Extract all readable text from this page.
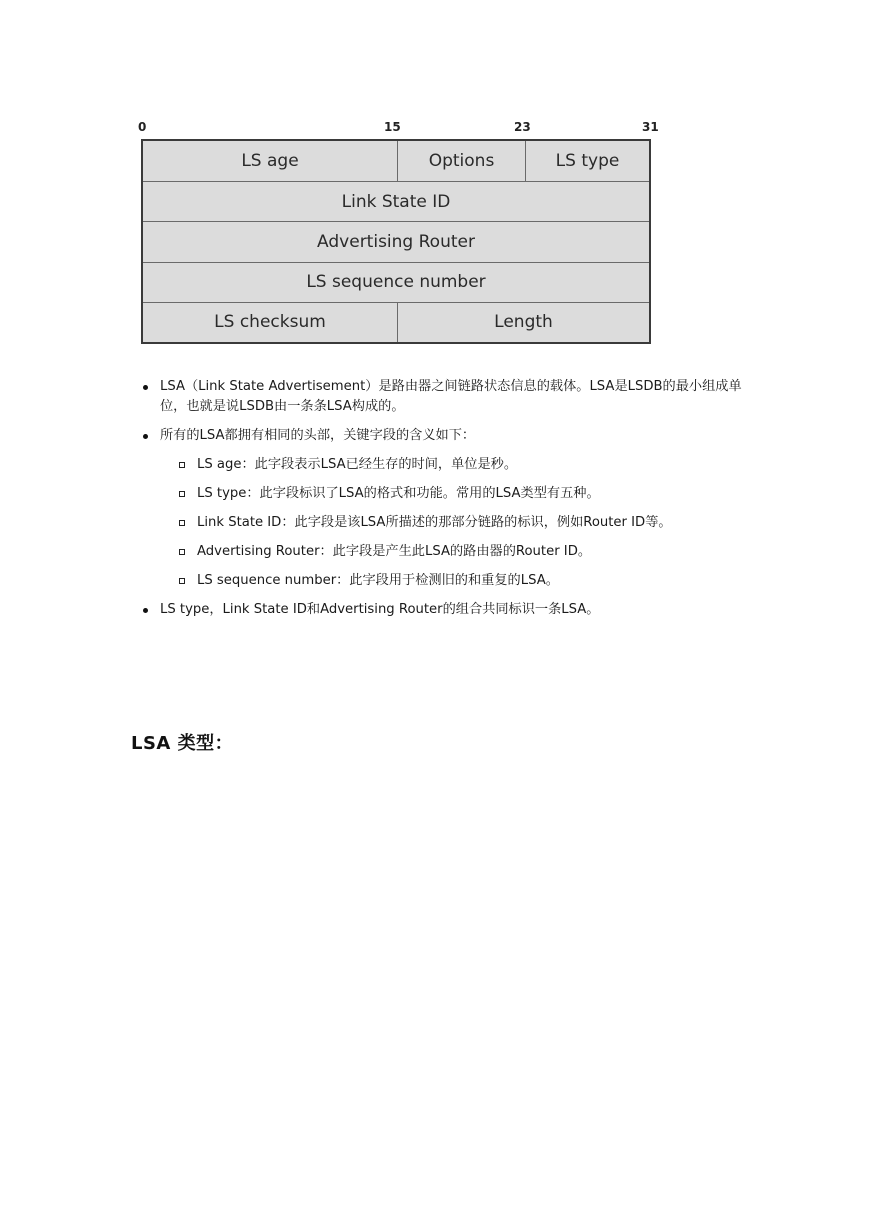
0	15	23	31
LS age	Options	LS type
Link State ID
Advertising Router
LS sequence number
LS checksum	Length
LSA（Link State Advertisement）是路由器之间链路状态信息的载体。LSA是LSDB的最小组成单位，也就是说LSDB由一条条LSA构成的。
所有的LSA都拥有相同的头部，关键字段的含义如下：
LS age：此字段表示LSA已经生存的时间，单位是秒。
LS type：此字段标识了LSA的格式和功能。常用的LSA类型有五种。
Link State ID：此字段是该LSA所描述的那部分链路的标识，例如Router ID等。
Advertising Router：此字段是产生此LSA的路由器的Router ID。
LS sequence number：此字段用于检测旧的和重复的LSA。
LS type，Link State ID和Advertising Router的组合共同标识一条LSA。
LSA 类型：
